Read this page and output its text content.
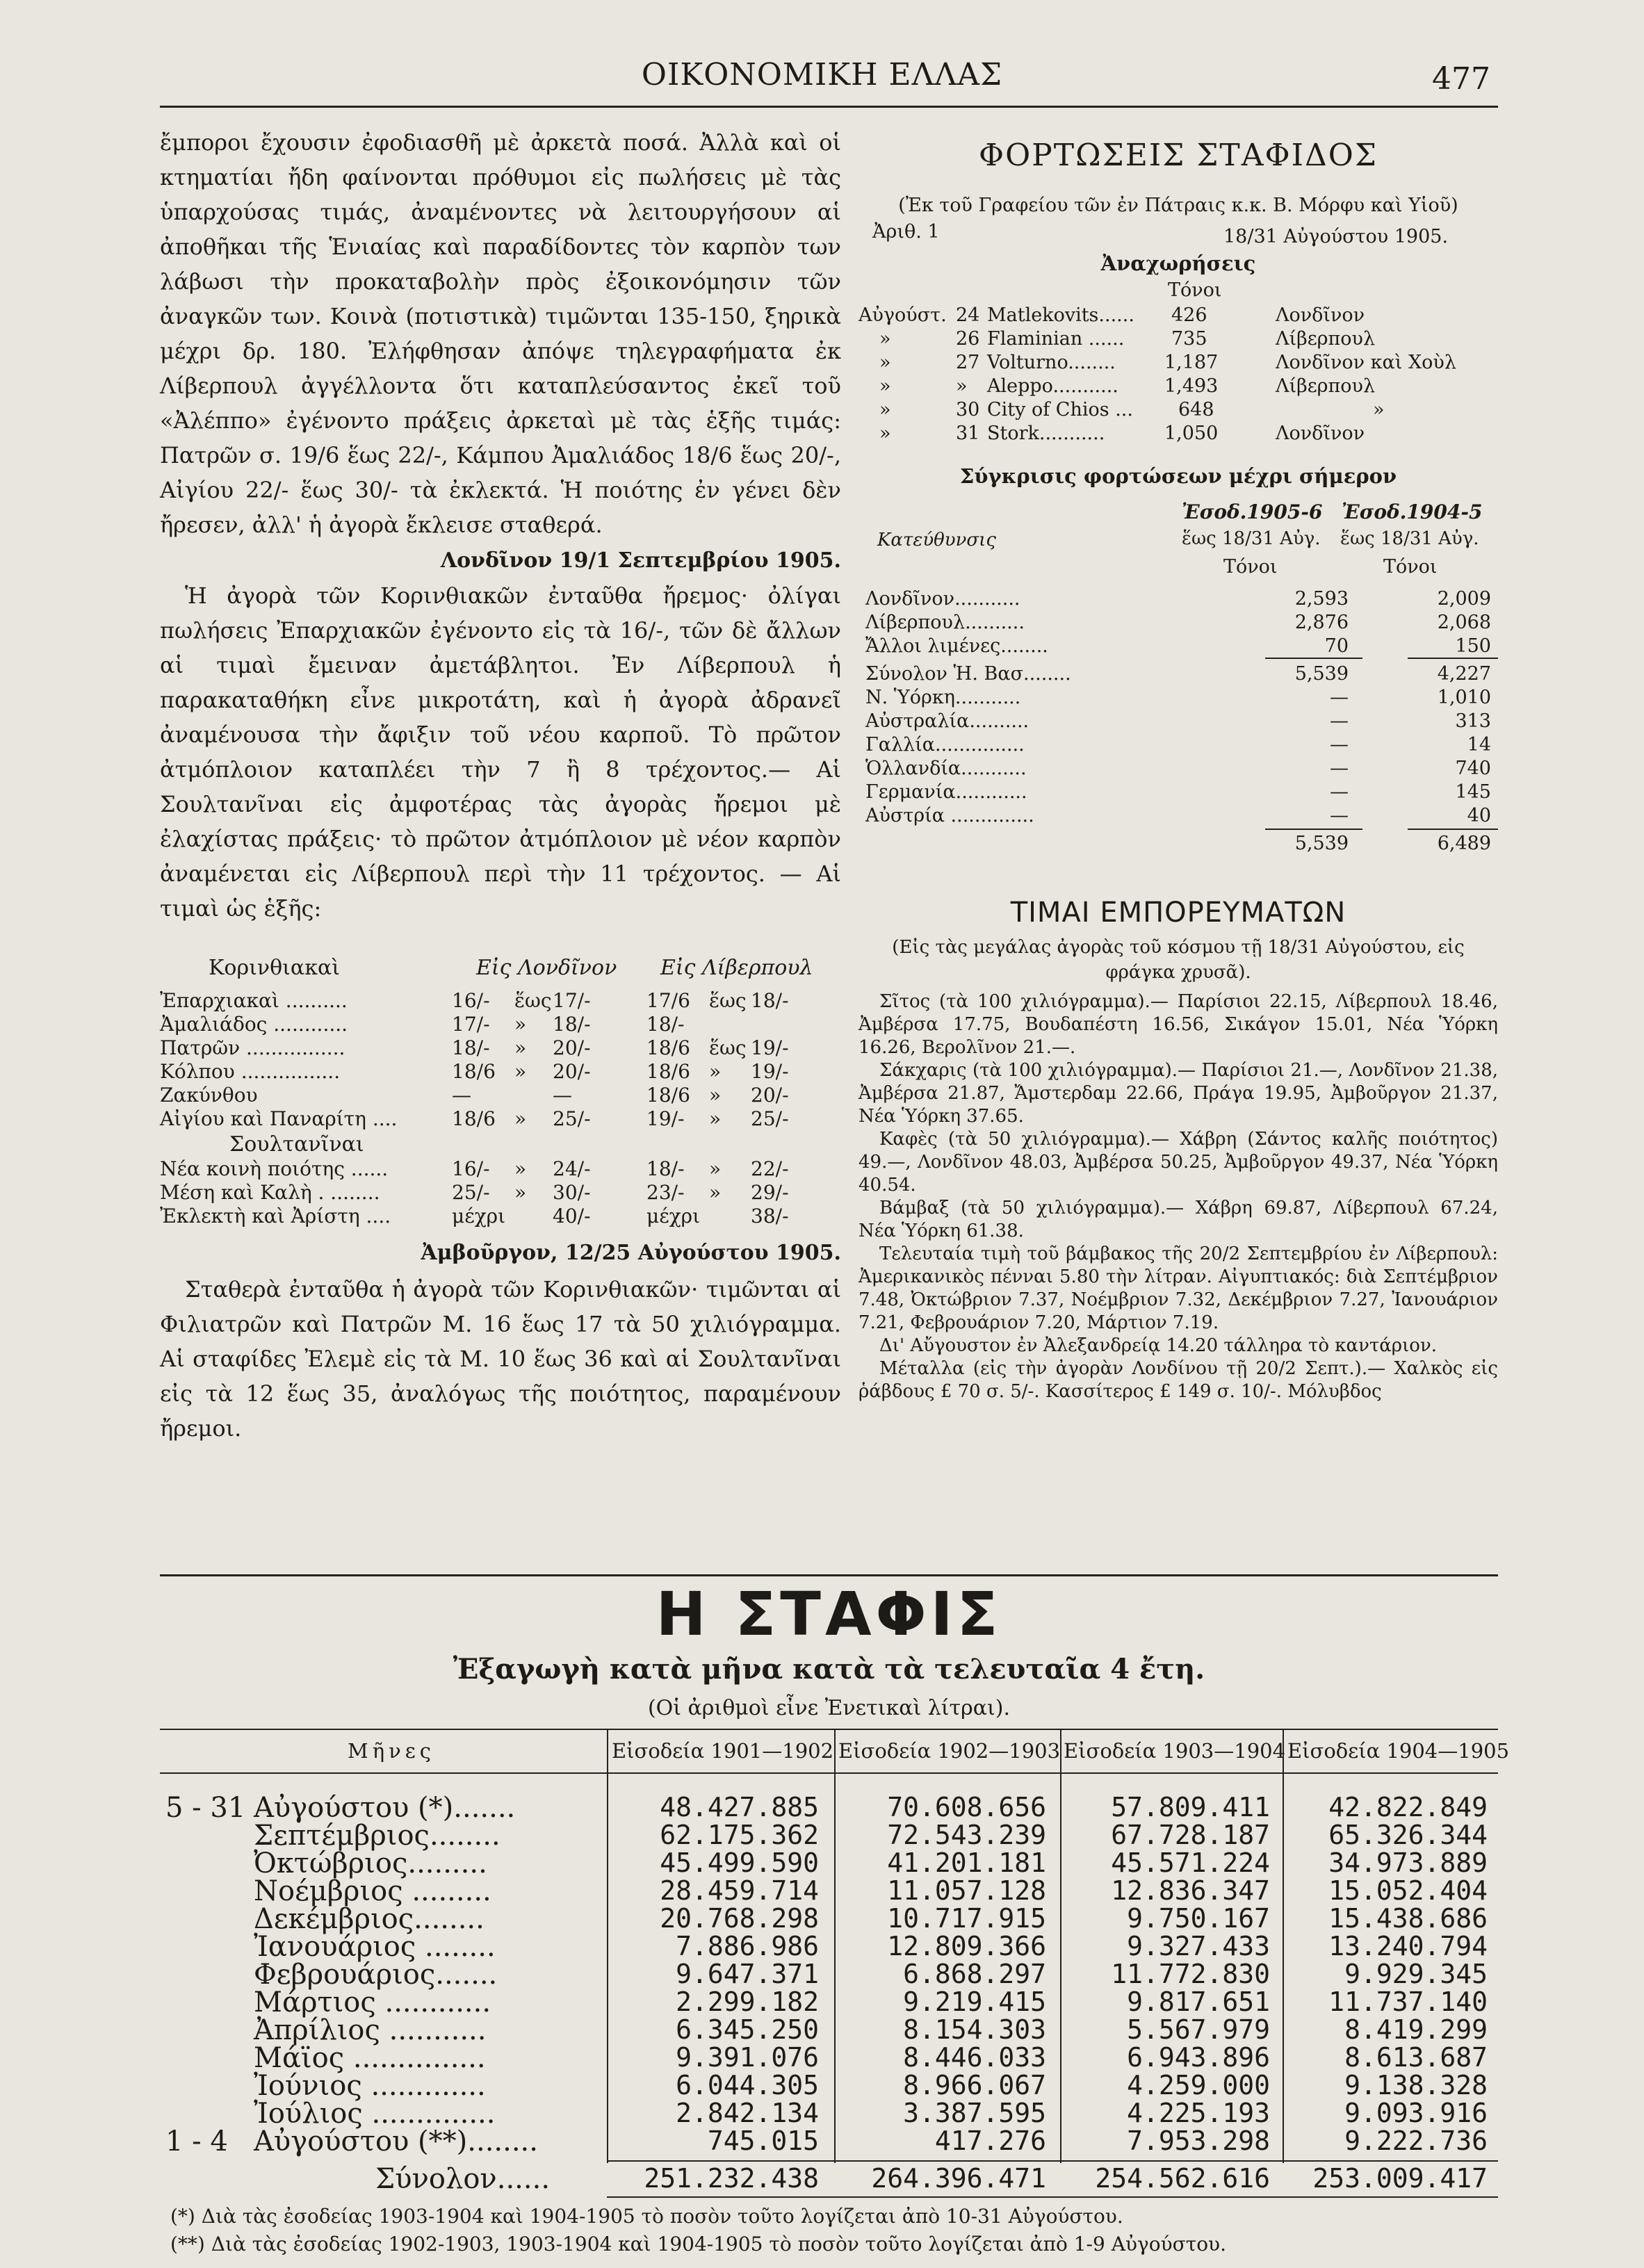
ΟΙΚΟΝΟΜΙΚΗ ΕΛΛΑΣ	477

ἔμποροι ἔχουσιν ἐφοδιασθῆ μὲ ἀρκετὰ ποσά. Ἀλλὰ καὶ οἱ κτηματίαι ἤδη φαίνονται πρόθυμοι εἰς πωλήσεις μὲ τὰς ὑπαρχούσας τιμάς, ἀναμένοντες νὰ λειτουργήσουν αἱ ἀποθῆκαι τῆς Ἑνιαίας καὶ παραδίδοντες τὸν καρπὸν των λάβωσι τὴν προκαταβολὴν πρὸς ἐξοικονόμησιν τῶν ἀναγκῶν των. Κοινὰ (ποτιστικὰ) τιμῶνται 135-150, ξηρικὰ μέχρι δρ. 180. Ἐλήφθησαν ἀπόψε τηλεγραφήματα ἐκ Λίβερπουλ ἀγγέλλοντα ὅτι καταπλεύσαντος ἐκεῖ τοῦ «Ἀλέππο» ἐγένοντο πράξεις ἀρκεταὶ μὲ τὰς ἑξῆς τιμάς: Πατρῶν σ. 19/6 ἕως 22/-, Κάμπου Ἀμαλιάδος 18/6 ἕως 20/-, Αἰγίου 22/- ἕως 30/- τὰ ἐκλεκτά. Ἡ ποιότης ἐν γένει δὲν ἤρεσεν, ἀλλ' ἡ ἀγορὰ ἔκλεισε σταθερά.

Λονδῖνον 19/1 Σεπτεμβρίου 1905.

Ἡ ἀγορὰ τῶν Κορινθιακῶν ἐνταῦθα ἤρεμος· ὀλίγαι πωλήσεις Ἐπαρχιακῶν ἐγένοντο εἰς τὰ 16/-, τῶν δὲ ἄλλων αἱ τιμαὶ ἔμειναν ἀμετάβλητοι. Ἐν Λίβερπουλ ἡ παρακαταθήκη εἶνε μικροτάτη, καὶ ἡ ἀγορὰ ἀδρανεῖ ἀναμένουσα τὴν ἄφιξιν τοῦ νέου καρποῦ. Τὸ πρῶτον ἀτμόπλοιον καταπλέει τὴν 7 ἢ 8 τρέχοντος.— Αἱ Σουλτανῖναι εἰς ἀμφοτέρας τὰς ἀγορὰς ἤρεμοι μὲ ἐλαχίστας πράξεις· τὸ πρῶτον ἀτμόπλοιον μὲ νέον καρπὸν ἀναμένεται εἰς Λίβερπουλ περὶ τὴν 11 τρέχοντος. — Αἱ τιμαὶ ὡς ἑξῆς:

Κορινθιακαὶ	Εἰς Λονδῖνον Εἰς Λίβερπουλ
Ἐπαρχιακαὶ ..........	16/- ἕως 17/-	17/6 ἕως 18/-
Ἀμαλιάδος ............	17/- » 18/-	18/-
Πατρῶν ................	18/- » 20/-	18/6 ἕως 19/-
Κόλπου ................	18/6 » 20/-	18/6 » 19/-
Ζακύνθου	—	—	18/6 » 20/-
Αἰγίου καὶ Παναρίτη ....	18/6 » 25/-	19/- » 25/-
Σουλτανῖναι
Νέα κοινὴ ποιότης ......	16/- » 24/-	18/- » 22/-
Μέση καὶ Καλὴ . ........	25/- » 30/-	23/- » 29/-
Ἐκλεκτὴ καὶ Ἀρίστη ....	μέχρι 40/-	μέχρι	38/-
Ἀμβοῦργον, 12/25 Αὐγούστου 1905.

Σταθερὰ ἐνταῦθα ἡ ἀγορὰ τῶν Κορινθιακῶν· τιμῶνται αἱ Φιλιατρῶν καὶ Πατρῶν Μ. 16 ἕως 17 τὰ 50 χιλιόγραμμα. Αἱ σταφίδες Ἐλεμὲ εἰς τὰ Μ. 10 ἕως 36 καὶ αἱ Σουλτανῖναι εἰς τὰ 12 ἕως 35, ἀναλόγως τῆς ποιότητος, παραμένουν ἤρεμοι.

ΦΟΡΤΩΣΕΙΣ ΣΤΑΦΙΔΟΣ
(Ἐκ τοῦ Γραφείου τῶν ἐν Πάτραις κ.κ. Β. Μόρφυ καὶ Υἱοῦ)
Ἀριθ. 1	18/31 Αὐγούστου 1905.
Ἀναχωρήσεις
Τόνοι
Αὐγούστ. 24 Matlekovits...... 426	Λονδῖνον
»	26 Flaminian ......	735	Λίβερπουλ
»	27 Volturno........	1,187	Λονδῖνον καὶ Χοὺλ
»	» Aleppo........... 1,493	Λίβερπουλ
»	30 City of Chios ... 648	»
»	31 Stork...........	1,050	Λονδῖνον
Σύγκρισις φορτώσεων μέχρι σήμερον
Ἐσοδ.1905-6 Ἐσοδ.1904-5
Κατεύθυνσις	ἕως 18/31 Αὐγ. ἕως 18/31 Αὐγ.
Τόνοι	Τόνοι
Λονδῖνον...........	2,593	2,009
Λίβερπουλ..........	2,876	2,068
Ἄλλοι λιμένες........	70	150
Σύνολον Ἡ. Βασ........	5,539	4,227
Ν. Ὑόρκη...........	—	1,010
Αὐστραλία..........	—	313
Γαλλία...............	—	14
Ὁλλανδία...........	—	740
Γερμανία............	—	145
Αὐστρία ..............	—	40
5,539	6,489
ΤΙΜΑΙ ΕΜΠΟΡΕΥΜΑΤΩΝ
(Εἰς τὰς μεγάλας ἀγορὰς τοῦ κόσμου τῇ 18/31 Αὐγούστου, εἰς φράγκα χρυσᾶ).

Σῖτος (τὰ 100 χιλιόγραμμα).— Παρίσιοι 22.15, Λίβερπουλ 18.46, Ἀμβέρσα 17.75, Βουδαπέστη 16.56, Σικάγον 15.01, Νέα Ὑόρκη 16.26, Βερολῖνον 21.—.

Σάκχαρις (τὰ 100 χιλιόγραμμα).— Παρίσιοι 21.—, Λονδῖνον 21.38, Ἀμβέρσα 21.87, Ἄμστερδαμ 22.66, Πράγα 19.95, Ἀμβοῦργον 21.37, Νέα Ὑόρκη 37.65.

Καφὲς (τὰ 50 χιλιόγραμμα).— Χάβρη (Σάντος καλῆς ποιότητος) 49.—, Λονδῖνον 48.03, Ἀμβέρσα 50.25, Ἀμβοῦργον 49.37, Νέα Ὑόρκη 40.54.

Βάμβαξ (τὰ 50 χιλιόγραμμα).— Χάβρη 69.87, Λίβερπουλ 67.24, Νέα Ὑόρκη 61.38.

Τελευταία τιμὴ τοῦ βάμβακος τῆς 20/2 Σεπτεμβρίου ἐν Λίβερπουλ: Ἀμερικανικὸς πένναι 5.80 τὴν λίτραν. Αἰγυπτιακός: διὰ Σεπτέμβριον 7.48, Ὀκτώβριον 7.37, Νοέμβριον 7.32, Δεκέμβριον 7.27, Ἰανουάριον 7.21, Φεβρουάριον 7.20, Μάρτιον 7.19.

Δι' Αὔγουστον ἐν Ἀλεξανδρείᾳ 14.20 τάλληρα τὸ καντάριον.

Μέταλλα (εἰς τὴν ἀγορὰν Λονδίνου τῇ 20/2 Σεπτ.).— Χαλκὸς εἰς ῥάβδους £ 70 σ. 5/-. Κασσίτερος £ 149 σ. 10/-. Μόλυβδος

Η ΣΤΑΦΙΣ
Ἐξαγωγὴ κατὰ μῆνα κατὰ τὰ τελευταῖα 4 ἔτη.
(Οἱ ἀριθμοὶ εἶνε Ἐνετικαὶ λίτραι).
Μῆνες	Εἰσοδεία 1901—1902 Εἰσοδεία 1902—1903 Εἰσοδεία 1903—1904 Εἰσοδεία 1904—1905
5 - 31 Αὐγούστου (*).......	48.427.885	70.608.656	57.809.411	42.822.849
Σεπτέμβριος........	62.175.362	72.543.239	67.728.187	65.326.344
Ὀκτώβριος.........	45.499.590	41.201.181	45.571.224	34.973.889
Νοέμβριος .........	28.459.714	11.057.128	12.836.347	15.052.404
Δεκέμβριος........	20.768.298	10.717.915	9.750.167	15.438.686
Ἰανουάριος ........	7.886.986	12.809.366	9.327.433	13.240.794
Φεβρουάριος.......	9.647.371	6.868.297	11.772.830	9.929.345
Μάρτιος ............	2.299.182	9.219.415	9.817.651	11.737.140
Ἀπρίλιος ...........	6.345.250	8.154.303	5.567.979	8.419.299
Μάϊος ...............	9.391.076	8.446.033	6.943.896	8.613.687
Ἰούνιος .............	6.044.305	8.966.067	4.259.000	9.138.328
Ἰούλιος ..............	2.842.134	3.387.595	4.225.193	9.093.916
1 - 4 Αὐγούστου (**)........	745.015	417.276	7.953.298	9.222.736
Σύνολον......	251.232.438	264.396.471	254.562.616	253.009.417
(*) Διὰ τὰς ἐσοδείας 1903-1904 καὶ 1904-1905 τὸ ποσὸν τοῦτο λογίζεται ἀπὸ 10-31 Αὐγούστου.
(**) Διὰ τὰς ἐσοδείας 1902-1903, 1903-1904 καὶ 1904-1905 τὸ ποσὸν τοῦτο λογίζεται ἀπὸ 1-9 Αὐγούστου.
